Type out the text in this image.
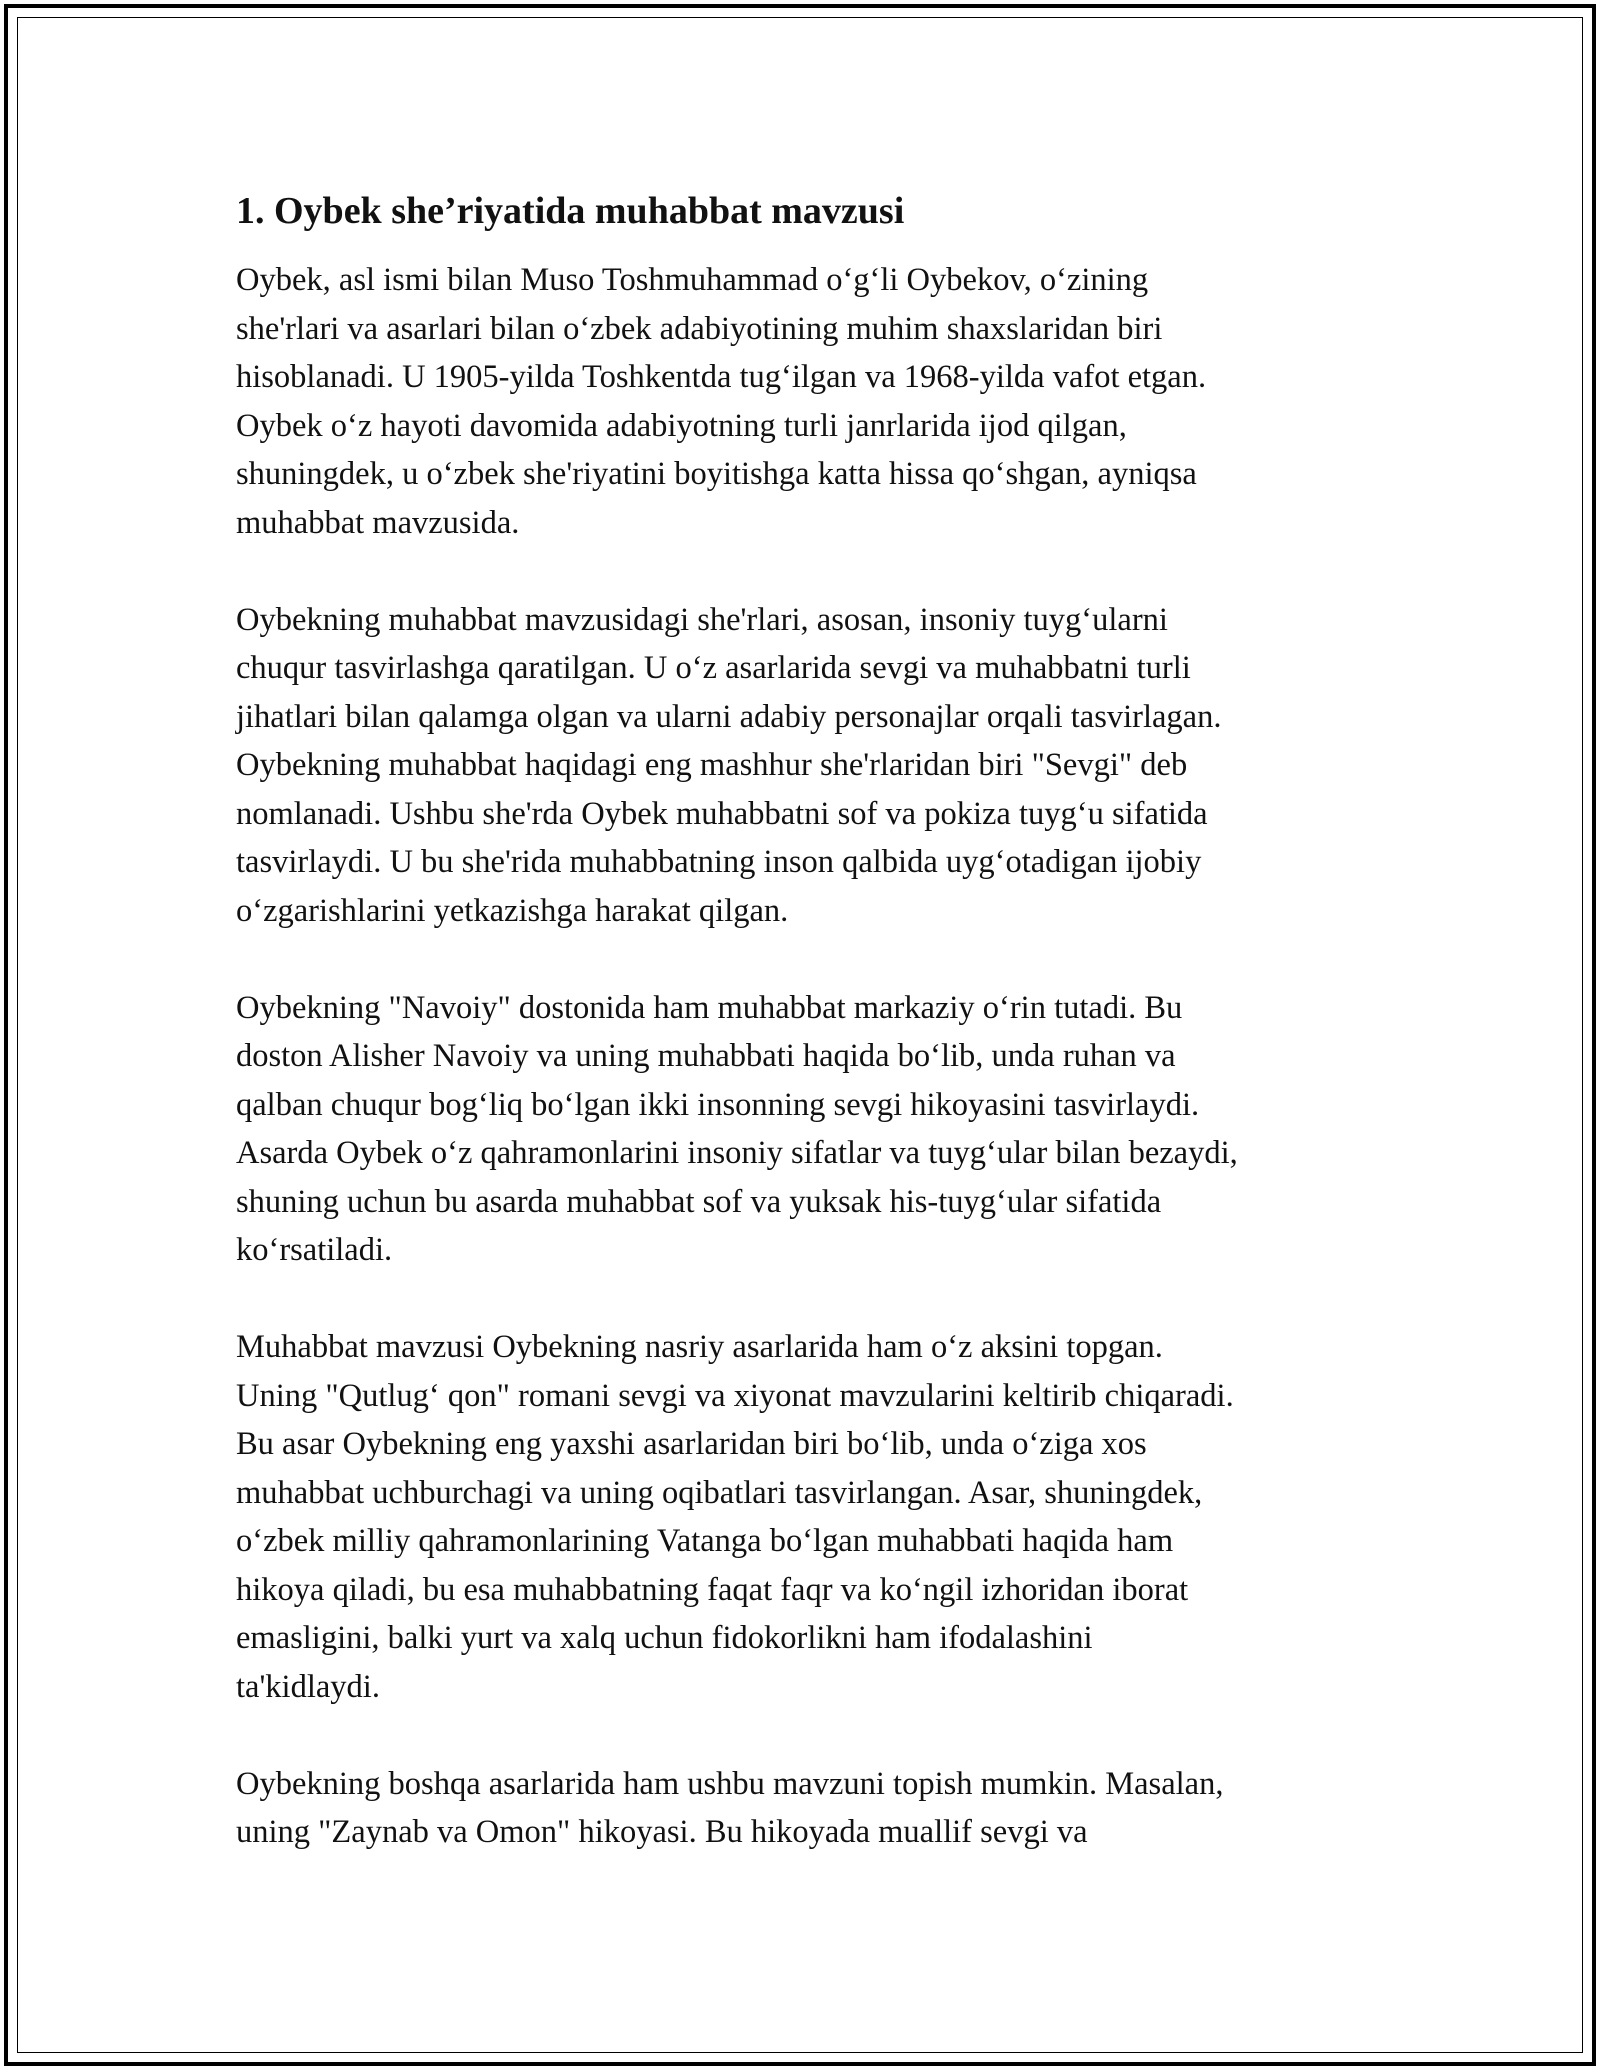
1. Oybek she’riyatida muhabbat mavzusi
Oybek, asl ismi bilan Muso Toshmuhammad o‘g‘li Oybekov, o‘zining
she'rlari va asarlari bilan o‘zbek adabiyotining muhim shaxslaridan biri
hisoblanadi. U 1905-yilda Toshkentda tug‘ilgan va 1968-yilda vafot etgan.
Oybek o‘z hayoti davomida adabiyotning turli janrlarida ijod qilgan,
shuningdek, u o‘zbek she'riyatini boyitishga katta hissa qo‘shgan, ayniqsa
muhabbat mavzusida.
Oybekning muhabbat mavzusidagi she'rlari, asosan, insoniy tuyg‘ularni
chuqur tasvirlashga qaratilgan. U o‘z asarlarida sevgi va muhabbatni turli
jihatlari bilan qalamga olgan va ularni adabiy personajlar orqali tasvirlagan.
Oybekning muhabbat haqidagi eng mashhur she'rlaridan biri "Sevgi" deb
nomlanadi. Ushbu she'rda Oybek muhabbatni sof va pokiza tuyg‘u sifatida
tasvirlaydi. U bu she'rida muhabbatning inson qalbida uyg‘otadigan ijobiy
o‘zgarishlarini yetkazishga harakat qilgan.
Oybekning "Navoiy" dostonida ham muhabbat markaziy o‘rin tutadi. Bu
doston Alisher Navoiy va uning muhabbati haqida bo‘lib, unda ruhan va
qalban chuqur bog‘liq bo‘lgan ikki insonning sevgi hikoyasini tasvirlaydi.
Asarda Oybek o‘z qahramonlarini insoniy sifatlar va tuyg‘ular bilan bezaydi,
shuning uchun bu asarda muhabbat sof va yuksak his-tuyg‘ular sifatida
ko‘rsatiladi.
Muhabbat mavzusi Oybekning nasriy asarlarida ham o‘z aksini topgan.
Uning "Qutlug‘ qon" romani sevgi va xiyonat mavzularini keltirib chiqaradi.
Bu asar Oybekning eng yaxshi asarlaridan biri bo‘lib, unda o‘ziga xos
muhabbat uchburchagi va uning oqibatlari tasvirlangan. Asar, shuningdek,
o‘zbek milliy qahramonlarining Vatanga bo‘lgan muhabbati haqida ham
hikoya qiladi, bu esa muhabbatning faqat faqr va ko‘ngil izhoridan iborat
emasligini, balki yurt va xalq uchun fidokorlikni ham ifodalashini
ta'kidlaydi.
Oybekning boshqa asarlarida ham ushbu mavzuni topish mumkin. Masalan,
uning "Zaynab va Omon" hikoyasi. Bu hikoyada muallif sevgi va
